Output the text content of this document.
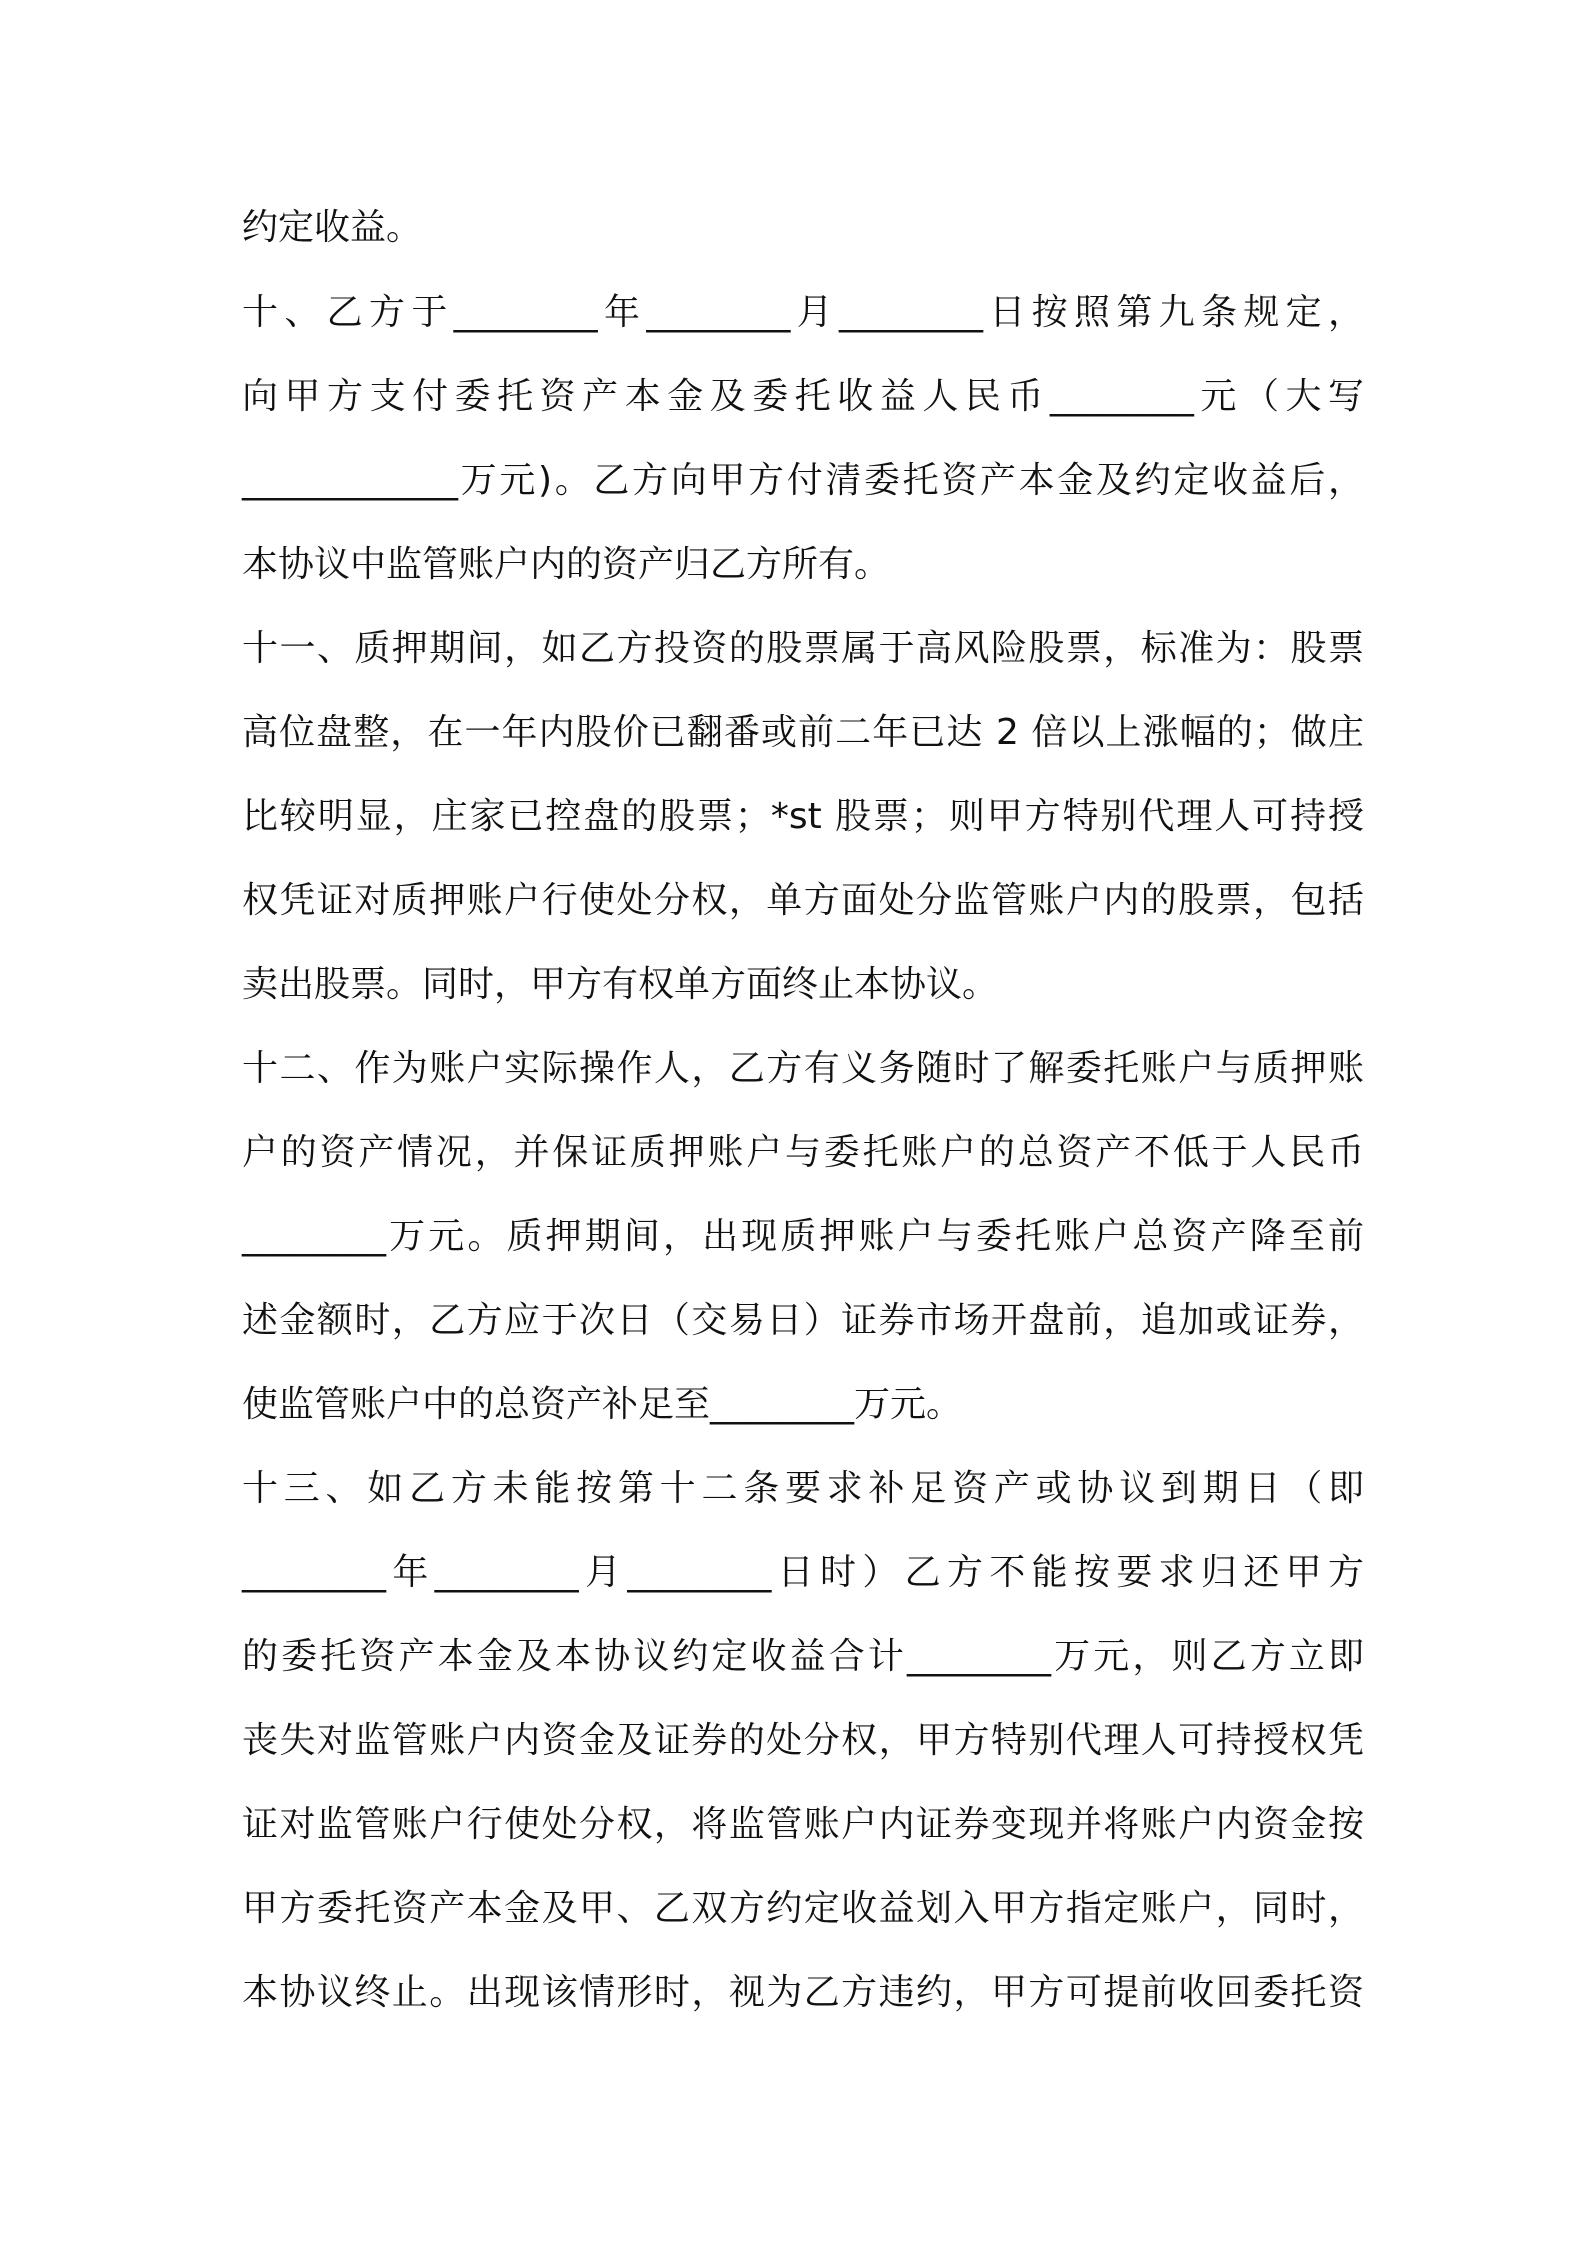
约定收益。
十、乙方于________年________月________日按照第九条规定，
向甲方支付委托资产本金及委托收益人民币________元（大写
____________万元)。乙方向甲方付清委托资产本金及约定收益后，
本协议中监管账户内的资产归乙方所有。
十一、质押期间，如乙方投资的股票属于高风险股票，标准为：股票
高位盘整，在一年内股价已翻番或前二年已达 2 倍以上涨幅的；做庄
比较明显，庄家已控盘的股票；*st 股票；则甲方特别代理人可持授
权凭证对质押账户行使处分权，单方面处分监管账户内的股票，包括
卖出股票。同时，甲方有权单方面终止本协议。
十二、作为账户实际操作人，乙方有义务随时了解委托账户与质押账
户的资产情况，并保证质押账户与委托账户的总资产不低于人民币
________万元。质押期间，出现质押账户与委托账户总资产降至前
述金额时，乙方应于次日（交易日）证券市场开盘前，追加或证券，
使监管账户中的总资产补足至________万元。
十三、如乙方未能按第十二条要求补足资产或协议到期日（即
________年________月________日时）乙方不能按要求归还甲方
的委托资产本金及本协议约定收益合计________万元，则乙方立即
丧失对监管账户内资金及证券的处分权，甲方特别代理人可持授权凭
证对监管账户行使处分权，将监管账户内证券变现并将账户内资金按
甲方委托资产本金及甲、乙双方约定收益划入甲方指定账户，同时，
本协议终止。出现该情形时，视为乙方违约，甲方可提前收回委托资
